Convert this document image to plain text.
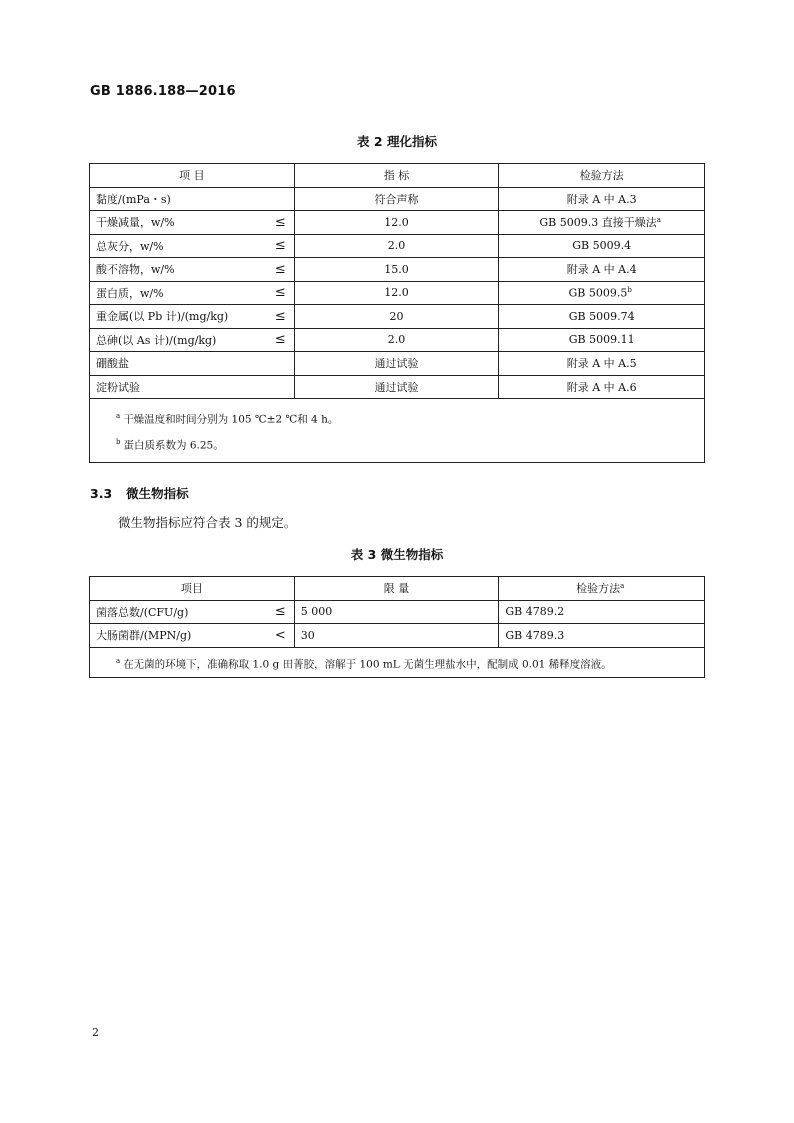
GB 1886.188—2016
表 2 理化指标
项 目	指 标	检验方法

黏度/(mPa・s)	符合声称	附录 A 中 A.3

干燥减量，w/% ≤	12.0	GB 5009.3 直接干燥法$^a$

总灰分，w/% ≤	2.0	GB 5009.4

酸不溶物，w/% ≤	15.0	附录 A 中 A.4

蛋白质，w/% ≤	12.0	GB 5009.5$^b$

重金属(以 Pb 计)/(mg/kg) ≤	20	GB 5009.74

总砷(以 As 计)/(mg/kg) ≤	2.0	GB 5009.11

硼酸盐	通过试验	附录 A 中 A.5

淀粉试验	通过试验	附录 A 中 A.6

$^a$ 干燥温度和时间分别为 105 ℃±2 ℃和 4 h。
$^b$ 蛋白质系数为 6.25。		
3.3 微生物指标
微生物指标应符合表 3 的规定。
表 3 微生物指标
项目	限 量	检验方法$^a$

菌落总数/(CFU/g) ≤	5 000	GB 4789.2

大肠菌群/(MPN/g) <	30	GB 4789.3
$^a$ 在无菌的环境下，准确称取 1.0 g 田菁胶，溶解于 100 mL 无菌生理盐水中，配制成 0.01 稀释度溶液。		
2
